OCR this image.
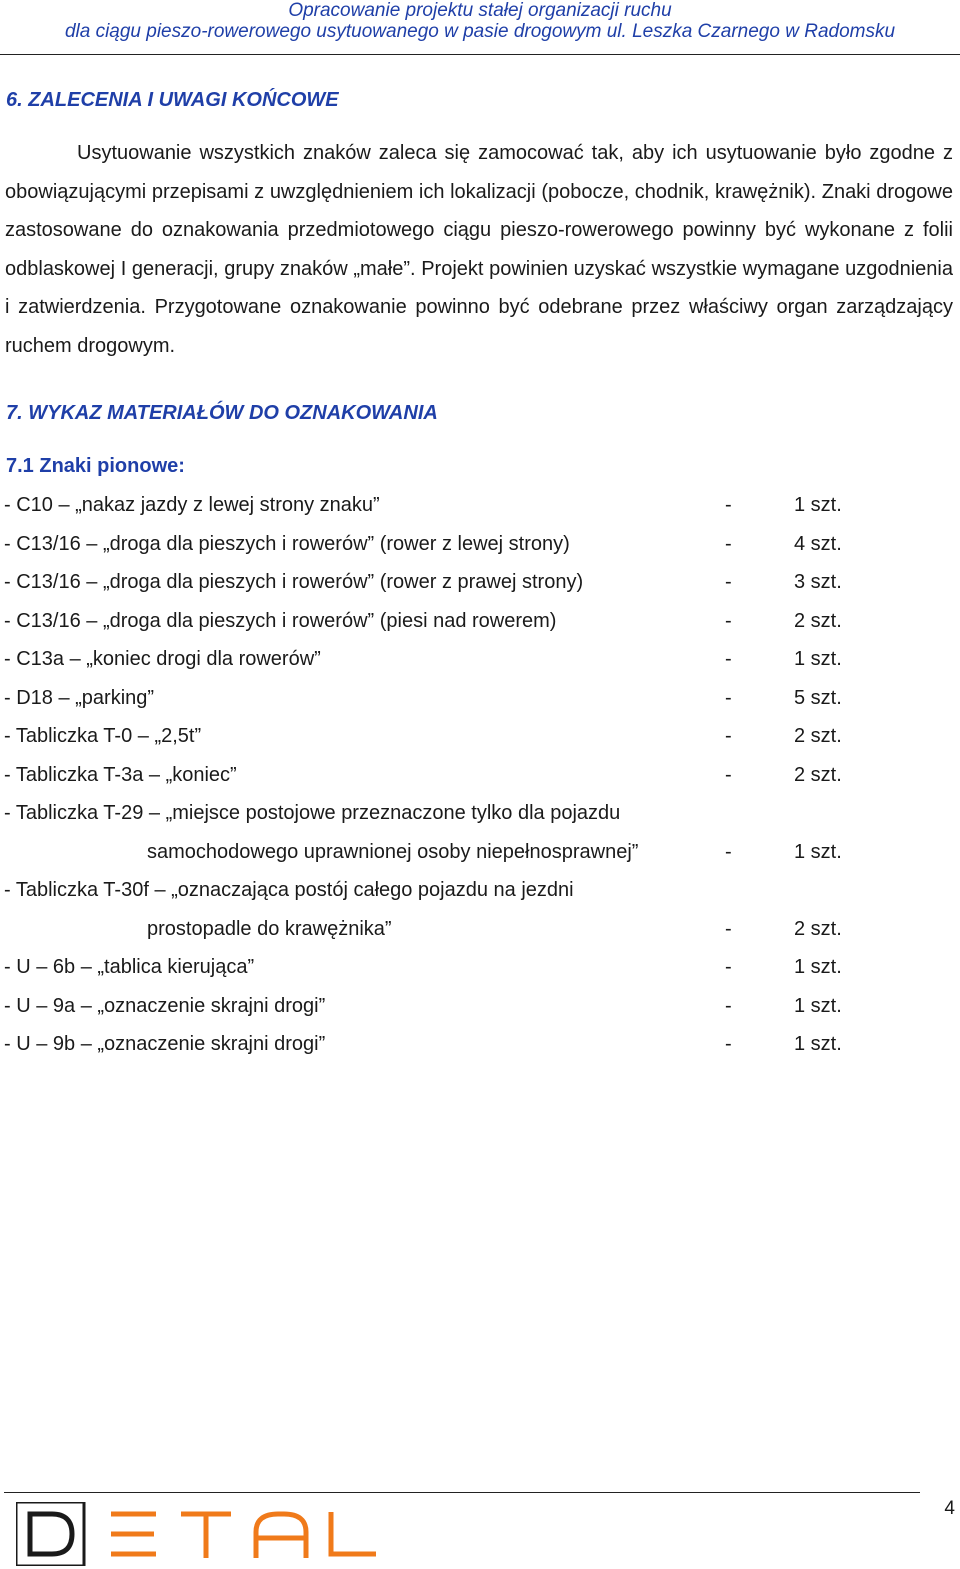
Opracowanie projektu stałej organizacji ruchu
dla ciągu pieszo-rowerowego usytuowanego w pasie drogowym ul. Leszka Czarnego w Radomsku
6. ZALECENIA I UWAGI KOŃCOWE
Usytuowanie wszystkich znaków zaleca się zamocować tak, aby ich usytuowanie było zgodne z obowiązującymi przepisami z uwzględnieniem ich lokalizacji (pobocze, chodnik, krawężnik). Znaki drogowe zastosowane do oznakowania przedmiotowego ciągu pieszo-rowerowego powinny być wykonane z folii odblaskowej I generacji, grupy znaków „małe”. Projekt powinien uzyskać wszystkie wymagane uzgodnienia i zatwierdzenia. Przygotowane oznakowanie powinno być odebrane przez właściwy organ zarządzający ruchem drogowym.
7. WYKAZ MATERIAŁÓW DO OZNAKOWANIA
7.1 Znaki pionowe:
- C10 – „nakaz jazdy z lewej strony znaku”	-	1 szt.
- C13/16 – „droga dla pieszych i rowerów” (rower z lewej strony)	-	4 szt.
- C13/16 – „droga dla pieszych i rowerów” (rower z prawej strony)	-	3 szt.
- C13/16 – „droga dla pieszych i rowerów” (piesi nad rowerem)	-	2 szt.
- C13a – „koniec drogi dla rowerów”	-	1 szt.
- D18 – „parking”	-	5 szt.
- Tabliczka T-0 – „2,5t”	-	2 szt.
- Tabliczka T-3a – „koniec”	-	2 szt.
- Tabliczka T-29 – „miejsce postojowe przeznaczone tylko dla pojazdu
samochodowego uprawnionej osoby niepełnosprawnej”	-	1 szt.
- Tabliczka T-30f – „oznaczająca postój całego pojazdu na jezdni
prostopadle do krawężnika”	-	2 szt.
- U – 6b – „tablica kierująca”	-	1 szt.
- U – 9a – „oznaczenie skrajni drogi”	-	1 szt.
- U – 9b – „oznaczenie skrajni drogi”	-	1 szt.
4
